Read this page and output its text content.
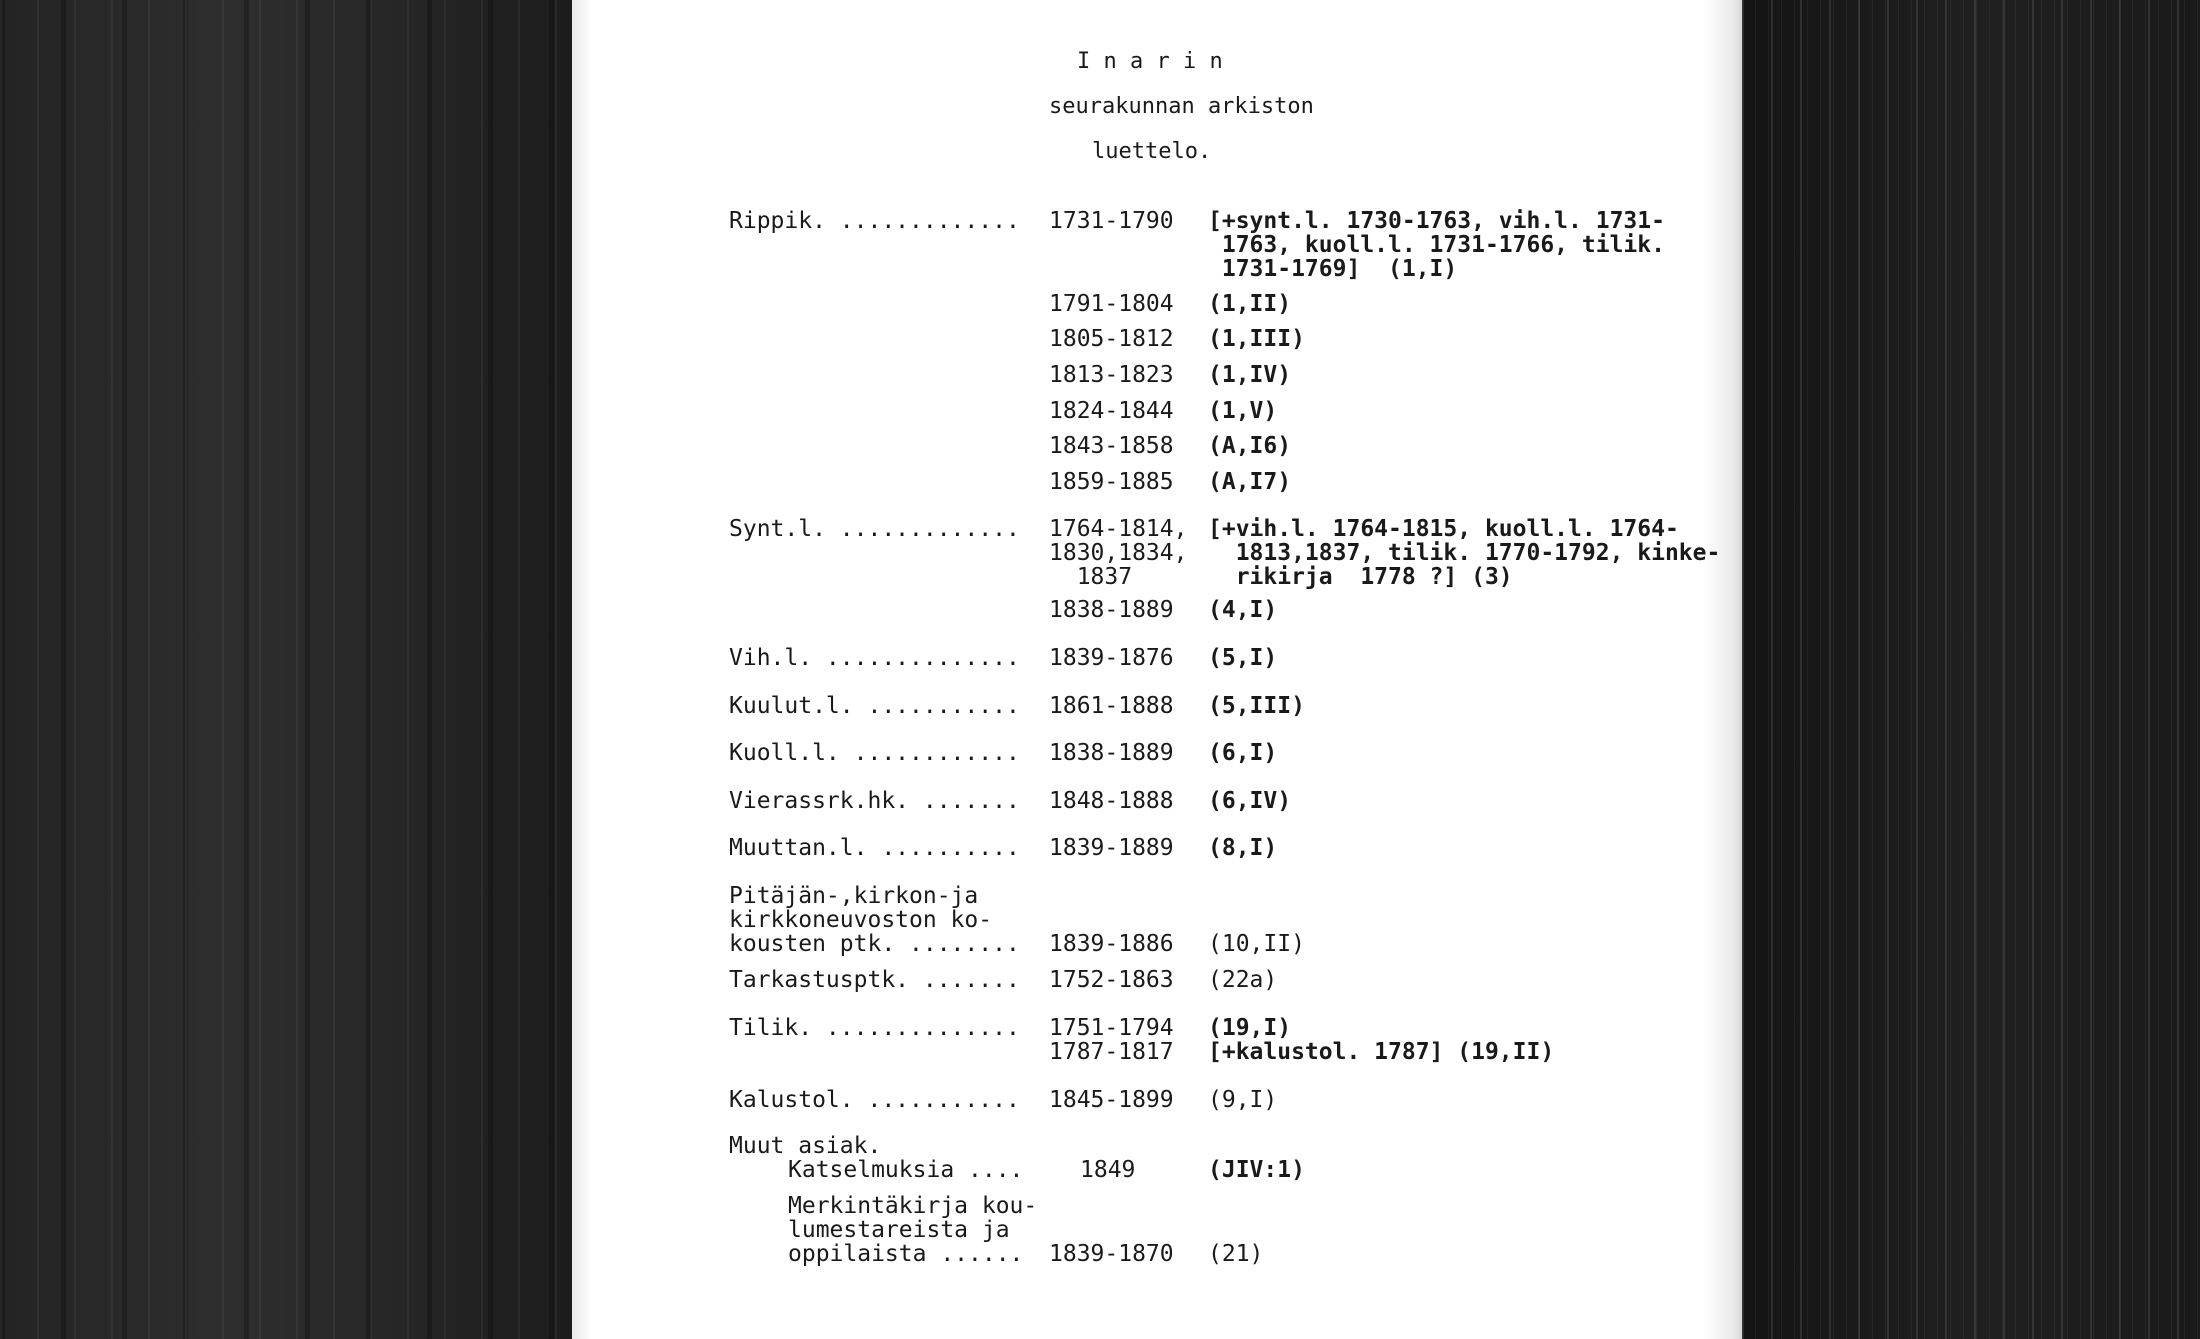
I n a r i n
seurakunnan arkiston
luettelo.
Rippik. ............. 1731-1790 [+synt.l. 1730-1763, vih.l. 1731-
1763, kuoll.l. 1731-1766, tilik.
1731-1769]  (1,I)
1791-1804 (1,II)
1805-1812 (1,III)
1813-1823 (1,IV)
1824-1844 (1,V)
1843-1858 (A,I6)
1859-1885 (A,I7)
Synt.l. ............. 1764-1814,
1830,1834,
1837
[+vih.l. 1764-1815, kuoll.l. 1764-
1813,1837, tilik. 1770-1792, kinke-
rikirja  1778 ?] (3)
1838-1889 (4,I)
Vih.l. .............. 1839-1876 (5,I)
Kuulut.l. ........... 1861-1888 (5,III)
Kuoll.l. ............ 1838-1889 (6,I)
Vierassrk.hk. ....... 1848-1888 (6,IV)
Muuttan.l. .......... 1839-1889 (8,I)
Pitäjän-,kirkon-ja
kirkkoneuvoston ko-
kousten ptk. ........ 1839-1886 (10,II)
Tarkastusptk. ....... 1752-1863 (22a)
Tilik. .............. 1751-1794
1787-1817
(19,I)
[+kalustol. 1787] (19,II)
Kalustol. ........... 1845-1899 (9,I)
Muut asiak.
Katselmuksia .... 1849	(JIV:1)
Merkintäkirja kou-
lumestareista ja
oppilaista ......	1839-1870 (21)
